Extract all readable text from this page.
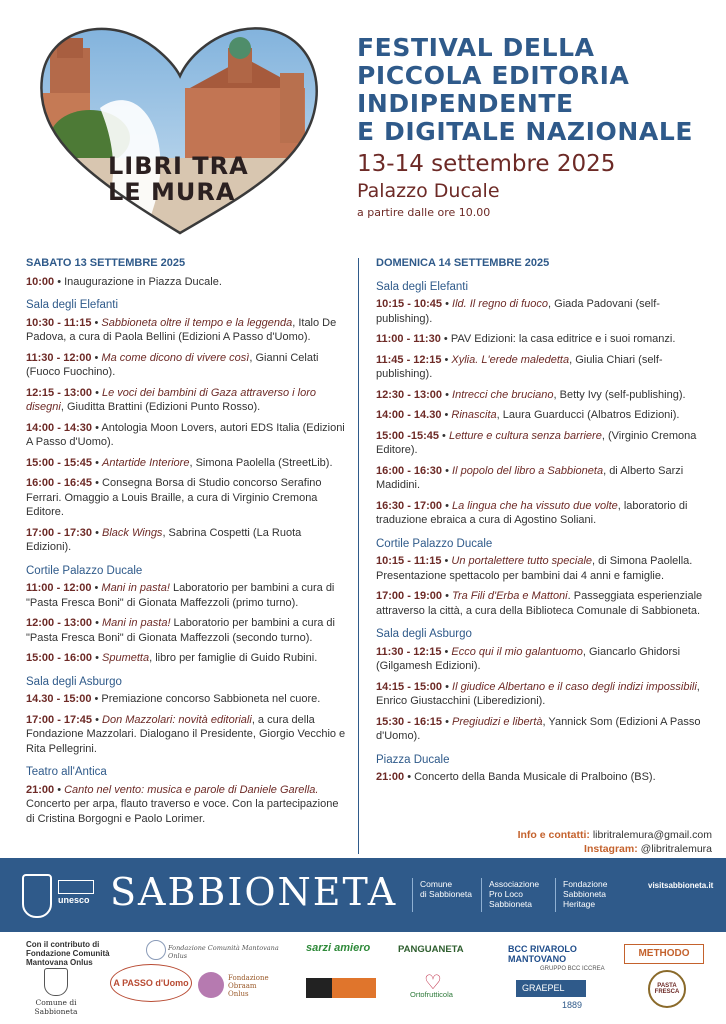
LIBRI TRA
LE MURA
FESTIVAL DELLA
PICCOLA EDITORIA
INDIPENDENTE
E DIGITALE NAZIONALE
13-14 settembre 2025
Palazzo Ducale
a partire dalle ore 10.00
SABATO 13 SETTEMBRE 2025
10:00 • Inaugurazione in Piazza Ducale.
Sala degli Elefanti
10:30 - 11:15 • Sabbioneta oltre il tempo e la leggenda, Italo De Padova, a cura di Paola Bellini (Edizioni A Passo d'Uomo).
11:30 - 12:00 • Ma come dicono di vivere così, Gianni Celati (Fuoco Fuochino).
12:15 - 13:00 • Le voci dei bambini di Gaza attraverso i loro disegni, Giuditta Brattini (Edizioni Punto Rosso).
14:00 - 14:30 • Antologia Moon Lovers, autori EDS Italia (Edizioni A Passo d'Uomo).
15:00 - 15:45 • Antartide Interiore, Simona Paolella (StreetLib).
16:00 - 16:45 • Consegna Borsa di Studio concorso Serafino Ferrari. Omaggio a Louis Braille, a cura di Virginio Cremona Editore.
17:00 - 17:30 • Black Wings, Sabrina Cospetti (La Ruota Edizioni).
Cortile Palazzo Ducale
11:00 - 12:00 • Mani in pasta! Laboratorio per bambini a cura di "Pasta Fresca Boni" di Gionata Maffezzoli (primo turno).
12:00 - 13:00 • Mani in pasta! Laboratorio per bambini a cura di "Pasta Fresca Boni" di Gionata Maffezzoli (secondo turno).
15:00 - 16:00 • Spumetta, libro per famiglie di Guido Rubini.
Sala degli Asburgo
14.30 - 15:00 • Premiazione concorso Sabbioneta nel cuore.
17:00 - 17:45 • Don Mazzolari: novità editoriali, a cura della Fondazione Mazzolari. Dialogano il Presidente, Giorgio Vecchio e Rita Pellegrini.
Teatro all'Antica
21:00 • Canto nel vento: musica e parole di Daniele Garella. Concerto per arpa, flauto traverso e voce. Con la partecipazione di Cristina Borgogni e Paolo Lorimer.
DOMENICA 14 SETTEMBRE 2025
Sala degli Elefanti
10:15 - 10:45 • Ild. Il regno di fuoco, Giada Padovani (self-publishing).
11:00 - 11:30 • PAV Edizioni: la casa editrice e i suoi romanzi.
11:45 - 12:15 • Xylia. L'erede maledetta, Giulia Chiari (self-publishing).
12:30 - 13:00 • Intrecci che bruciano, Betty Ivy (self-publishing).
14:00 - 14.30 • Rinascita, Laura Guarducci (Albatros Edizioni).
15:00 -15:45 • Letture e cultura senza barriere, (Virginio Cremona Editore).
16:00 - 16:30 • Il popolo del libro a Sabbioneta, di Alberto Sarzi Madidini.
16:30 - 17:00 • La lingua che ha vissuto due volte, laboratorio di traduzione ebraica a cura di Agostino Soliani.
Cortile Palazzo Ducale
10:15 - 11:15 • Un portalettere tutto speciale, di Simona Paolella. Presentazione spettacolo per bambini dai 4 anni e famiglie.
17:00 - 19:00 • Tra Fili d'Erba e Mattoni. Passeggiata esperienziale attraverso la città, a cura della Biblioteca Comunale di Sabbioneta.
Sala degli Asburgo
11:30 - 12:15 • Ecco qui il mio galantuomo, Giancarlo Ghidorsi (Gilgamesh Edizioni).
14:15 - 15:00 • Il giudice Albertano e il caso degli indizi impossibili, Enrico Giustacchini (Liberedizioni).
15:30 - 16:15 • Pregiudizi e libertà, Yannick Som (Edizioni A Passo d'Uomo).
Piazza Ducale
21:00 • Concerto della Banda Musicale di Pralboino (BS).
Info e contatti: libritralemura@gmail.com
Instagram: @libritralemura
unesco SABBIONETA	Comune
di Sabbioneta
Associazione
Pro Loco
Sabbioneta
Fondazione
Sabbioneta
Heritage
visitsabbioneta.it
Con il contributo di Fondazione Comunità Mantovana Onlus
Fondazione Comunità Mantovana Onlus
Comune di Sabbioneta
A PASSO d'Uomo	Fondazione Obraam Onlus
sarzi amiero	PANGUANETA
♡
Ortofrutticola
BCC RIVAROLO MANTOVANO
GRUPPO BCC ICCREA
GRAEPEL
1889
METHODO
PASTA FRESCA
